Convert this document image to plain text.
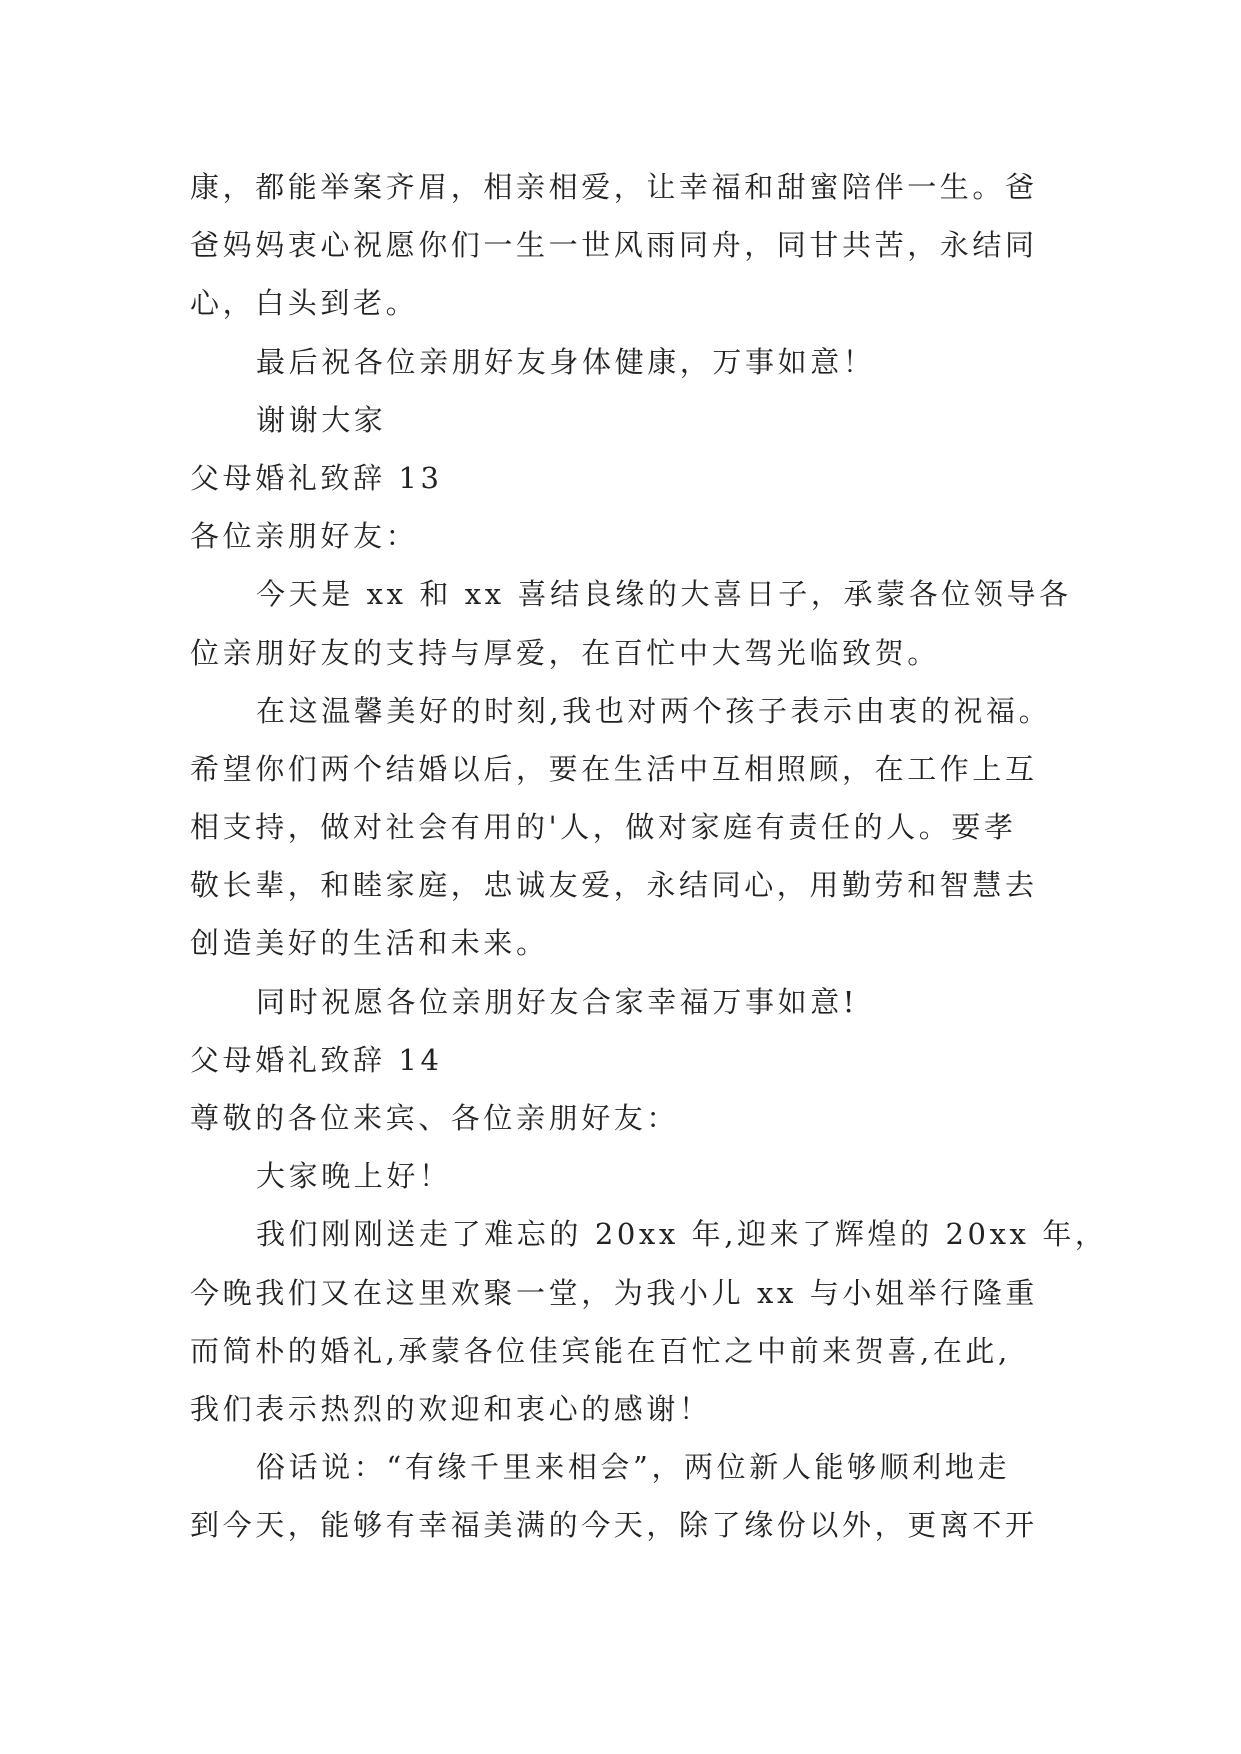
康，都能举案齐眉，相亲相爱，让幸福和甜蜜陪伴一生。爸
爸妈妈衷心祝愿你们一生一世风雨同舟，同甘共苦，永结同
心，白头到老。
最后祝各位亲朋好友身体健康，万事如意！
谢谢大家
父母婚礼致辞 13
各位亲朋好友：
今天是 xx 和 xx 喜结良缘的大喜日子，承蒙各位领导各
位亲朋好友的支持与厚爱，在百忙中大驾光临致贺。
在这温馨美好的时刻,我也对两个孩子表示由衷的祝福。
希望你们两个结婚以后，要在生活中互相照顾，在工作上互
相支持，做对社会有用的'人，做对家庭有责任的人。要孝
敬长辈，和睦家庭，忠诚友爱，永结同心，用勤劳和智慧去
创造美好的生活和未来。
同时祝愿各位亲朋好友合家幸福万事如意!
父母婚礼致辞 14
尊敬的各位来宾、各位亲朋好友：
大家晚上好！
我们刚刚送走了难忘的 20xx 年,迎来了辉煌的 20xx 年，
今晚我们又在这里欢聚一堂，为我小儿 xx 与小姐举行隆重
而简朴的婚礼,承蒙各位佳宾能在百忙之中前来贺喜,在此,
我们表示热烈的欢迎和衷心的感谢！
俗话说：“有缘千里来相会”，两位新人能够顺利地走
到今天，能够有幸福美满的今天，除了缘份以外，更离不开
